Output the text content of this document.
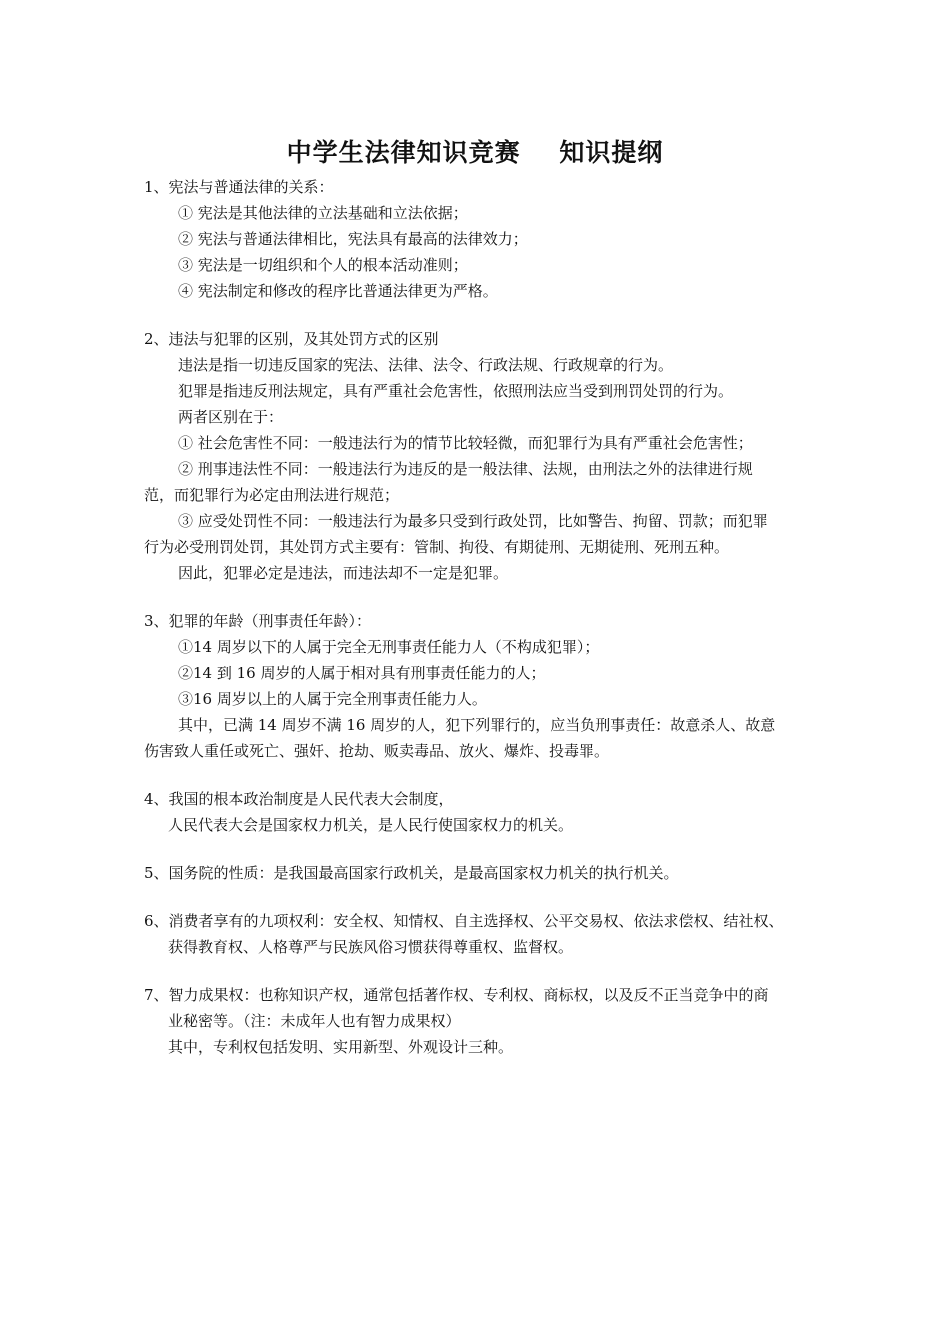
中学生法律知识竞赛    知识提纲
1、宪法与普通法律的关系：
① 宪法是其他法律的立法基础和立法依据；
② 宪法与普通法律相比，宪法具有最高的法律效力；
③ 宪法是一切组织和个人的根本活动准则；
④ 宪法制定和修改的程序比普通法律更为严格。
2、违法与犯罪的区别，及其处罚方式的区别
违法是指一切违反国家的宪法、法律、法令、行政法规、行政规章的行为。
犯罪是指违反刑法规定，具有严重社会危害性，依照刑法应当受到刑罚处罚的行为。
两者区别在于：
① 社会危害性不同：一般违法行为的情节比较轻微，而犯罪行为具有严重社会危害性；
② 刑事违法性不同：一般违法行为违反的是一般法律、法规，由刑法之外的法律进行规
范，而犯罪行为必定由刑法进行规范；
③ 应受处罚性不同：一般违法行为最多只受到行政处罚，比如警告、拘留、罚款；而犯罪
行为必受刑罚处罚，其处罚方式主要有：管制、拘役、有期徒刑、无期徒刑、死刑五种。
因此，犯罪必定是违法，而违法却不一定是犯罪。
3、犯罪的年龄（刑事责任年龄）：
①14 周岁以下的人属于完全无刑事责任能力人（不构成犯罪）；
②14 到 16 周岁的人属于相对具有刑事责任能力的人；
③16 周岁以上的人属于完全刑事责任能力人。
其中，已满 14 周岁不满 16 周岁的人，犯下列罪行的，应当负刑事责任：故意杀人、故意
伤害致人重任或死亡、强奸、抢劫、贩卖毒品、放火、爆炸、投毒罪。
4、我国的根本政治制度是人民代表大会制度，
人民代表大会是国家权力机关，是人民行使国家权力的机关。
5、国务院的性质：是我国最高国家行政机关，是最高国家权力机关的执行机关。
6、消费者享有的九项权利：安全权、知情权、自主选择权、公平交易权、依法求偿权、结社权、
获得教育权、人格尊严与民族风俗习惯获得尊重权、监督权。
7、智力成果权：也称知识产权，通常包括著作权、专利权、商标权，以及反不正当竞争中的商
业秘密等。（注：未成年人也有智力成果权）
其中，专利权包括发明、实用新型、外观设计三种。
